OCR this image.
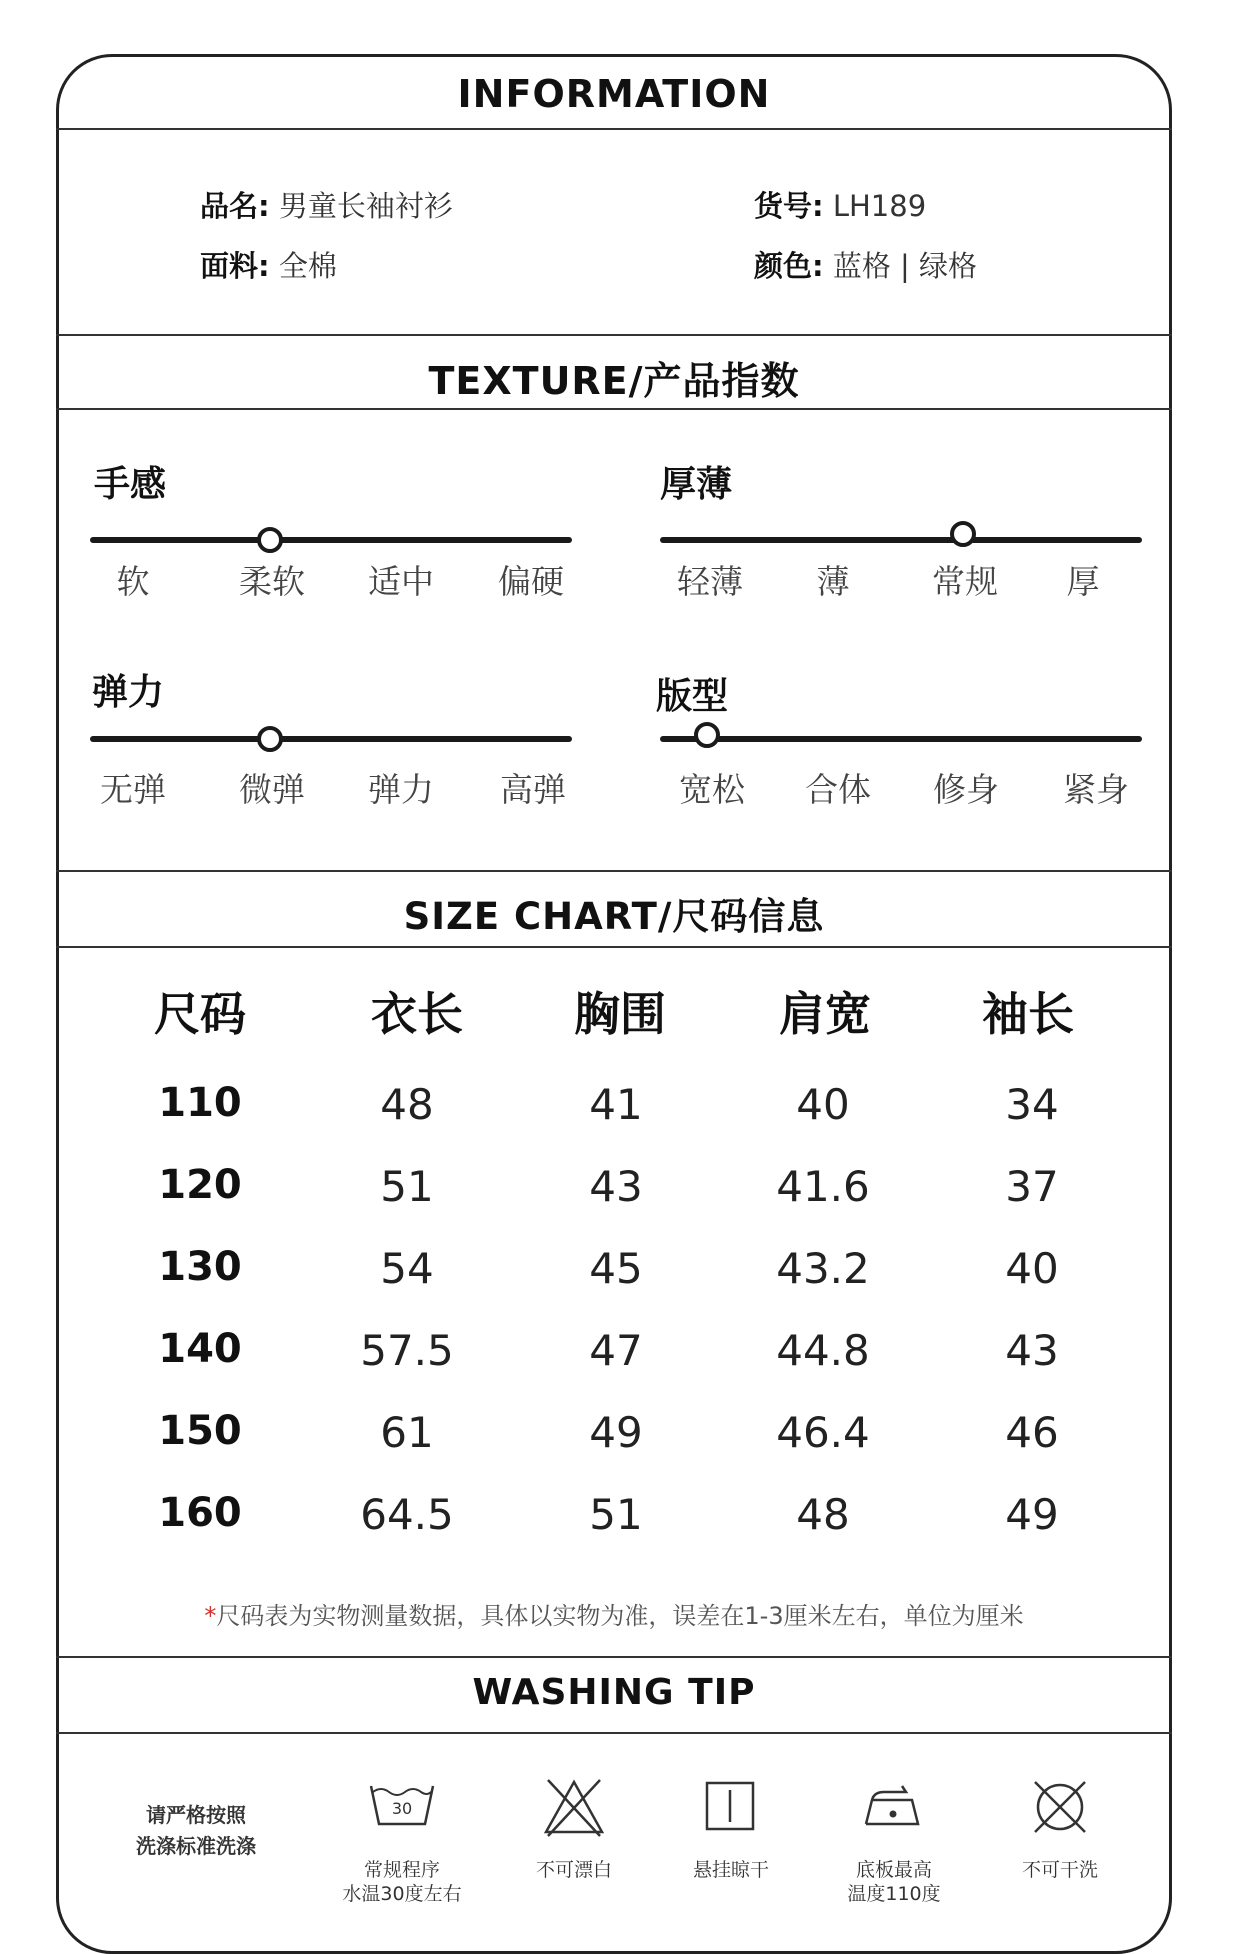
INFORMATION
品名: 男童长袖衬衫
面料: 全棉
货号: LH189
颜色: 蓝格 | 绿格
TEXTURE/产品指数
手感
软	柔软	适中	偏硬
厚薄
轻薄	薄	常规	厚
弹力
无弹	微弹	弹力	高弹
版型
宽松	合体	修身	紧身
SIZE CHART/尺码信息
尺码	衣长	胸围	肩宽	袖长
110	48	41	40	34
120	51	43	41.6	37
130	54	45	43.2	40
140	57.5	47	44.8	43
150	61	49	46.4	46
160	64.5	51	48	49
*尺码表为实物测量数据，具体以实物为准，误差在1-3厘米左右，单位为厘米
WASHING TIP
请严格按照
洗涤标准洗涤
30
常规程序
水温30度左右
不可漂白	悬挂晾干	底板最高
温度110度
不可干洗
